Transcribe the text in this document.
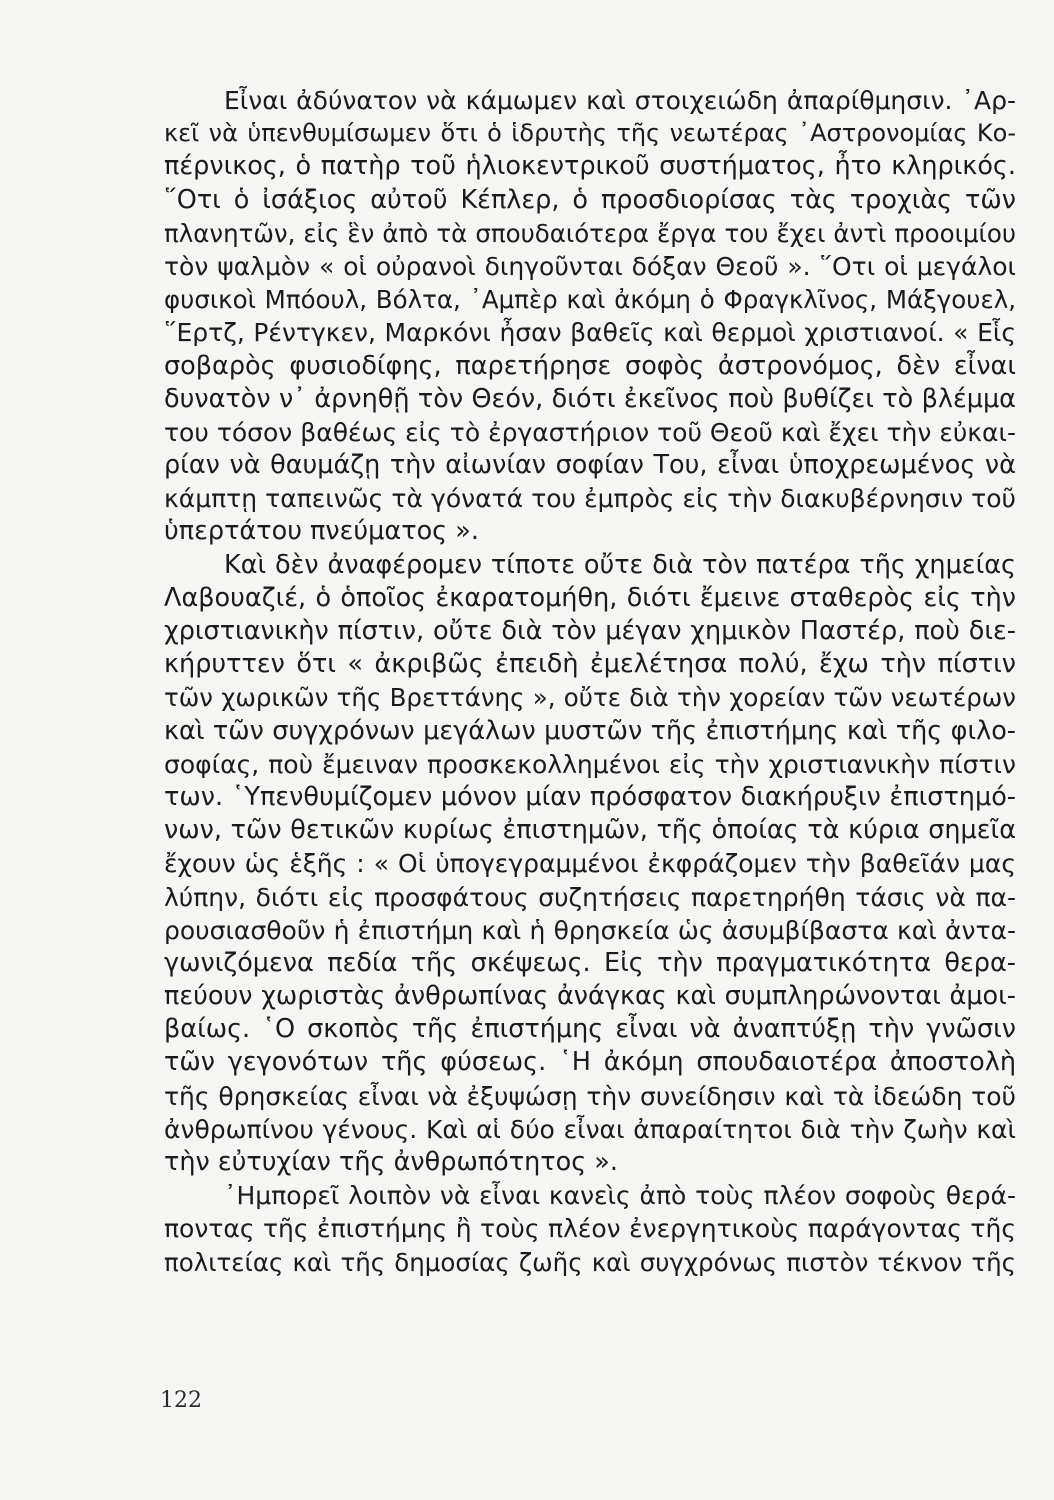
Εἶναι ἀδύνατον νὰ κάμωμεν καὶ στοιχειώδη ἀπαρίθμησιν. ᾿Αρ-
κεῖ νὰ ὑπενθυμίσωμεν ὅτι ὁ ἱδρυτὴς τῆς νεωτέρας ᾿Αστρονομίας Κο-
πέρνικος, ὁ πατὴρ τοῦ ἡλιοκεντρικοῦ συστήματος, ἦτο κληρικός.
῞Οτι ὁ ἰσάξιος αὐτοῦ Κέπλερ, ὁ προσδιορίσας τὰς τροχιὰς τῶν
πλανητῶν, εἰς ἓν ἀπὸ τὰ σπουδαιότερα ἔργα του ἔχει ἀντὶ προοιμίου
τὸν ψαλμὸν « οἱ οὐρανοὶ διηγοῦνται δόξαν Θεοῦ ». ῞Οτι οἱ μεγάλοι
φυσικοὶ Μπόουλ, Βόλτα, ᾿Αμπὲρ καὶ ἀκόμη ὁ Φραγκλῖνος, Μάξγουελ,
῞Ερτζ, Ρέντγκεν, Μαρκόνι ἦσαν βαθεῖς καὶ θερμοὶ χριστιανοί. « Εἷς
σοβαρὸς φυσιοδίφης, παρετήρησε σοφὸς ἀστρονόμος, δὲν εἶναι
δυνατὸν ν᾿ ἀρνηθῇ τὸν Θεόν, διότι ἐκεῖνος ποὺ βυθίζει τὸ βλέμμα
του τόσον βαθέως εἰς τὸ ἐργαστήριον τοῦ Θεοῦ καὶ ἔχει τὴν εὐκαι-
ρίαν νὰ θαυμάζῃ τὴν αἰωνίαν σοφίαν Του, εἶναι ὑποχρεωμένος νὰ
κάμπτῃ ταπεινῶς τὰ γόνατά του ἐμπρὸς εἰς τὴν διακυβέρνησιν τοῦ
ὑπερτάτου πνεύματος ».
Καὶ δὲν ἀναφέρομεν τίποτε οὔτε διὰ τὸν πατέρα τῆς χημείας
Λαβουαζιέ, ὁ ὁποῖος ἐκαρατομήθη, διότι ἔμεινε σταθερὸς εἰς τὴν
χριστιανικὴν πίστιν, οὔτε διὰ τὸν μέγαν χημικὸν Παστέρ, ποὺ διε-
κήρυττεν ὅτι « ἀκριβῶς ἐπειδὴ ἐμελέτησα πολύ, ἔχω τὴν πίστιν
τῶν χωρικῶν τῆς Βρεττάνης », οὔτε διὰ τὴν χορείαν τῶν νεωτέρων
καὶ τῶν συγχρόνων μεγάλων μυστῶν τῆς ἐπιστήμης καὶ τῆς φιλο-
σοφίας, ποὺ ἔμειναν προσκεκολλημένοι εἰς τὴν χριστιανικὴν πίστιν
των. ῾Υπενθυμίζομεν μόνον μίαν πρόσφατον διακήρυξιν ἐπιστημό-
νων, τῶν θετικῶν κυρίως ἐπιστημῶν, τῆς ὁποίας τὰ κύρια σημεῖα
ἔχουν ὡς ἑξῆς : « Οἱ ὑπογεγραμμένοι ἐκφράζομεν τὴν βαθεῖάν μας
λύπην, διότι εἰς προσφάτους συζητήσεις παρετηρήθη τάσις νὰ πα-
ρουσιασθοῦν ἡ ἐπιστήμη καὶ ἡ θρησκεία ὡς ἀσυμβίβαστα καὶ ἀντα-
γωνιζόμενα πεδία τῆς σκέψεως. Εἰς τὴν πραγματικότητα θερα-
πεύουν χωριστὰς ἀνθρωπίνας ἀνάγκας καὶ συμπληρώνονται ἀμοι-
βαίως. ῾Ο σκοπὸς τῆς ἐπιστήμης εἶναι νὰ ἀναπτύξῃ τὴν γνῶσιν
τῶν γεγονότων τῆς φύσεως. ῾Η ἀκόμη σπουδαιοτέρα ἀποστολὴ
τῆς θρησκείας εἶναι νὰ ἐξυψώσῃ τὴν συνείδησιν καὶ τὰ ἰδεώδη τοῦ
ἀνθρωπίνου γένους. Καὶ αἱ δύο εἶναι ἀπαραίτητοι διὰ τὴν ζωὴν καὶ
τὴν εὐτυχίαν τῆς ἀνθρωπότητος ».
᾿Ημπορεῖ λοιπὸν νὰ εἶναι κανεὶς ἀπὸ τοὺς πλέον σοφοὺς θερά-
ποντας τῆς ἐπιστήμης ἢ τοὺς πλέον ἐνεργητικοὺς παράγοντας τῆς
πολιτείας καὶ τῆς δημοσίας ζωῆς καὶ συγχρόνως πιστὸν τέκνον τῆς
122
